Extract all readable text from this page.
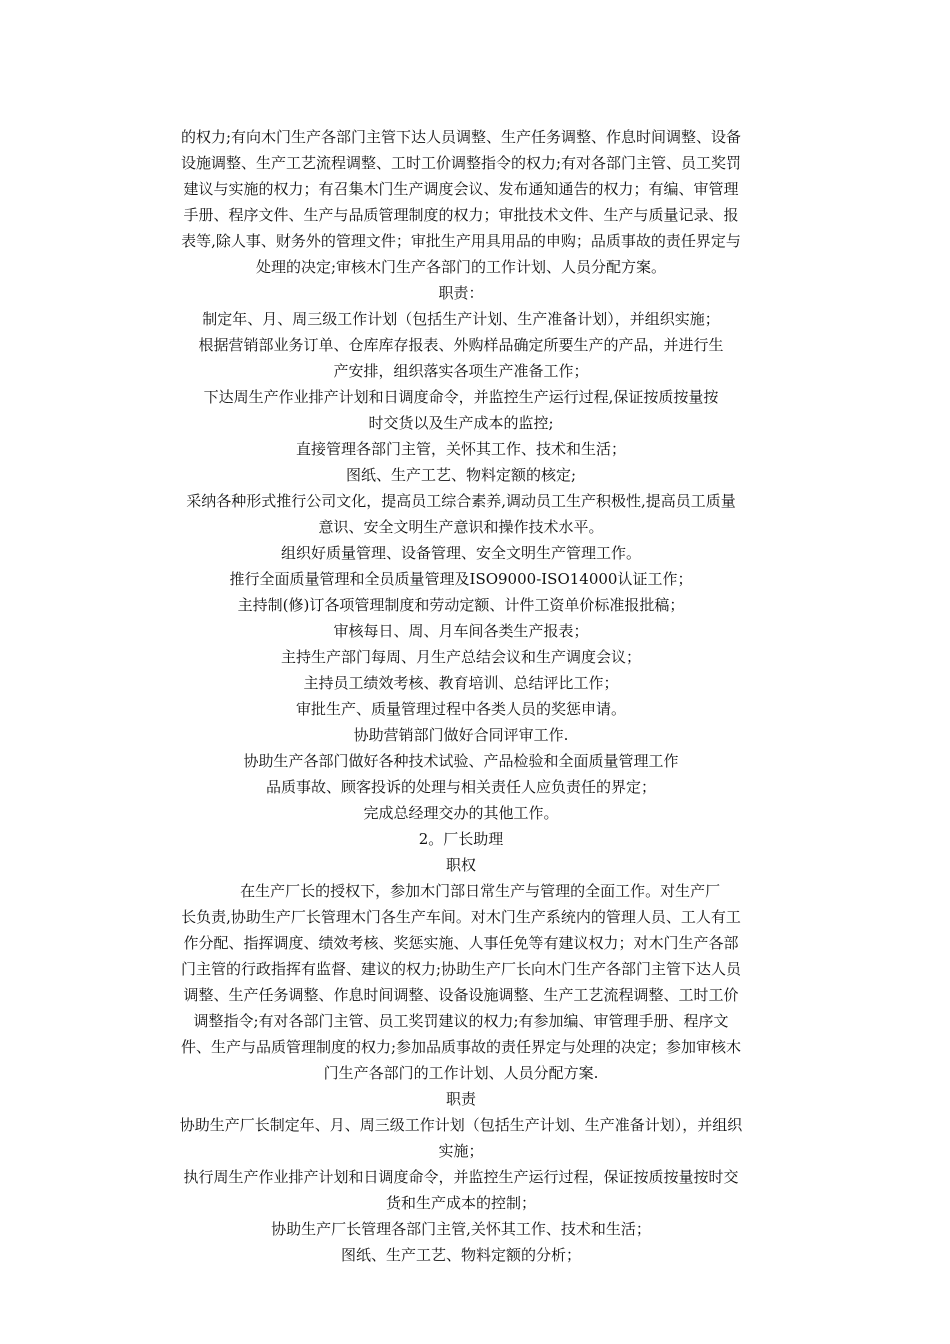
的权力;有向木门生产各部门主管下达人员调整、生产任务调整、作息时间调整、设备
设施调整、生产工艺流程调整、工时工价调整指令的权力;有对各部门主管、员工奖罚
建议与实施的权力；有召集木门生产调度会议、发布通知通告的权力；有编、审管理
手册、程序文件、生产与品质管理制度的权力；审批技术文件、生产与质量记录、报
表等,除人事、财务外的管理文件；审批生产用具用品的申购；品质事故的责任界定与
处理的决定;审核木门生产各部门的工作计划、人员分配方案。
职责：
制定年、月、周三级工作计划（包括生产计划、生产准备计划），并组织实施；
根据营销部业务订单、仓库库存报表、外购样品确定所要生产的产品，并进行生
产安排，组织落实各项生产准备工作；
下达周生产作业排产计划和日调度命令，并监控生产运行过程,保证按质按量按
时交货以及生产成本的监控;
直接管理各部门主管，关怀其工作、技术和生活；
图纸、生产工艺、物料定额的核定;
采纳各种形式推行公司文化，提高员工综合素养,调动员工生产积极性,提高员工质量
意识、安全文明生产意识和操作技术水平。
组织好质量管理、设备管理、安全文明生产管理工作。
推行全面质量管理和全员质量管理及ISO9000-ISO14000认证工作；
主持制(修)订各项管理制度和劳动定额、计件工资单价标准报批稿；
审核每日、周、月车间各类生产报表；
主持生产部门每周、月生产总结会议和生产调度会议；
主持员工绩效考核、教育培训、总结评比工作；
审批生产、质量管理过程中各类人员的奖惩申请。
协助营销部门做好合同评审工作.
协助生产各部门做好各种技术试验、产品检验和全面质量管理工作
品质事故、顾客投诉的处理与相关责任人应负责任的界定；
完成总经理交办的其他工作。
2。厂长助理
职权
在生产厂长的授权下，参加木门部日常生产与管理的全面工作。对生产厂
长负责,协助生产厂长管理木门各生产车间。对木门生产系统内的管理人员、工人有工
作分配、指挥调度、绩效考核、奖惩实施、人事任免等有建议权力；对木门生产各部
门主管的行政指挥有监督、建议的权力;协助生产厂长向木门生产各部门主管下达人员
调整、生产任务调整、作息时间调整、设备设施调整、生产工艺流程调整、工时工价
调整指令;有对各部门主管、员工奖罚建议的权力;有参加编、审管理手册、程序文
件、生产与品质管理制度的权力;参加品质事故的责任界定与处理的决定；参加审核木
门生产各部门的工作计划、人员分配方案.
职责
协助生产厂长制定年、月、周三级工作计划（包括生产计划、生产准备计划），并组织
实施；
执行周生产作业排产计划和日调度命令，并监控生产运行过程，保证按质按量按时交
货和生产成本的控制；
协助生产厂长管理各部门主管,关怀其工作、技术和生活；
图纸、生产工艺、物料定额的分析；
